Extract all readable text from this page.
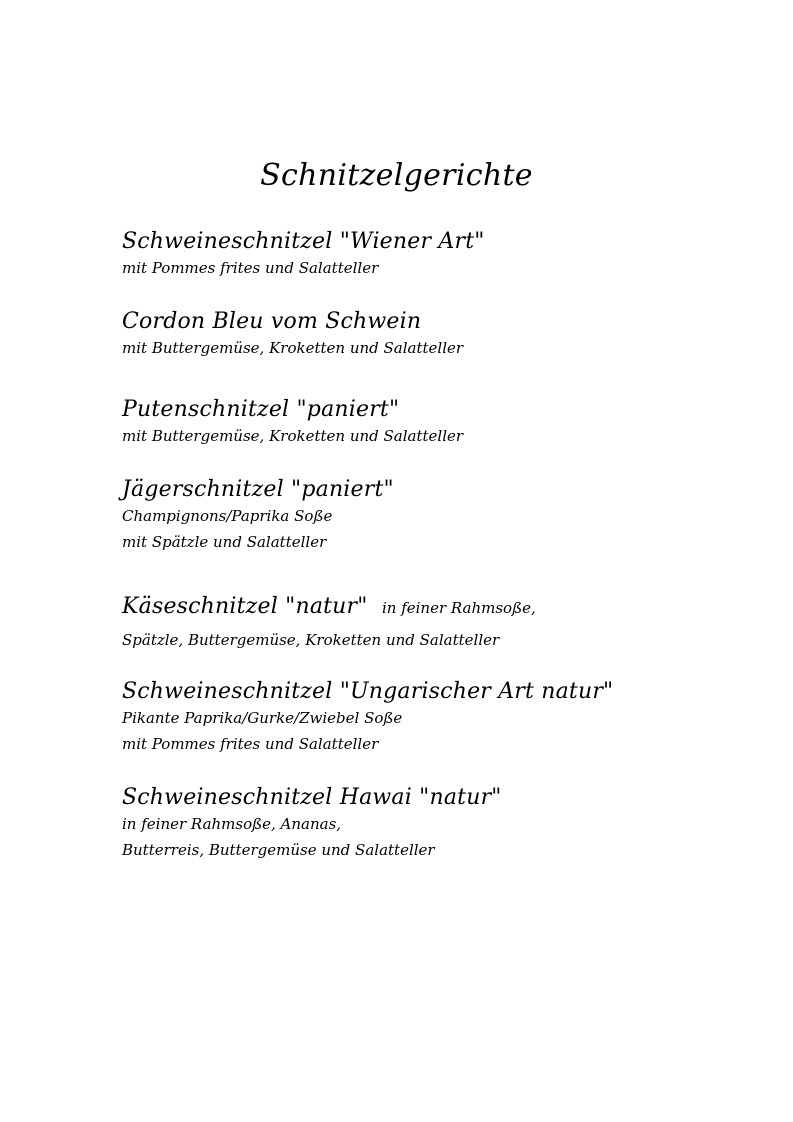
Schnitzelgerichte
Schweineschnitzel "Wiener Art"
mit Pommes frites und Salatteller
Cordon Bleu vom Schwein
mit Buttergemüse, Kroketten und Salatteller
Putenschnitzel "paniert"
mit Buttergemüse, Kroketten und Salatteller
Jägerschnitzel "paniert"
Champignons/Paprika Soße
mit Spätzle und Salatteller
Käseschnitzel "natur" in feiner Rahmsoße,
Spätzle, Buttergemüse, Kroketten und Salatteller
Schweineschnitzel "Ungarischer Art natur"
Pikante Paprika/Gurke/Zwiebel Soße
mit Pommes frites und Salatteller
Schweineschnitzel Hawai "natur"
in feiner Rahmsoße, Ananas,
Butterreis, Buttergemüse und Salatteller
